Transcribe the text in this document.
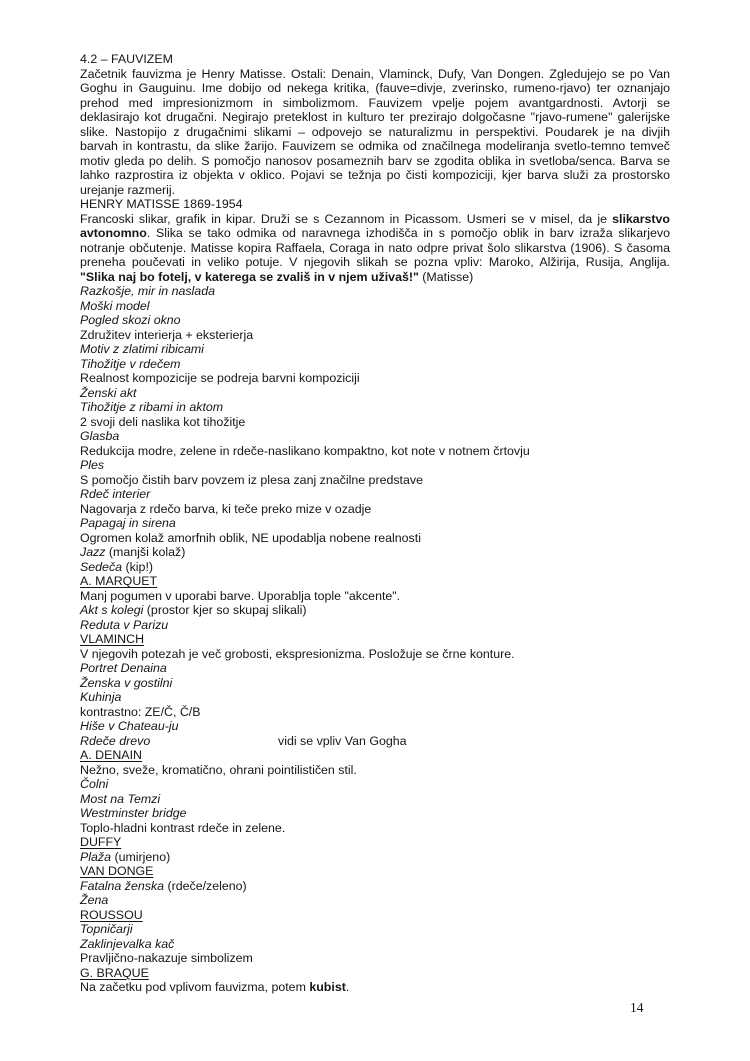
4.2 – FAUVIZEM

Začetnik fauvizma je Henry Matisse. Ostali: Denain, Vlaminck, Dufy, Van Dongen. Zgledujejo se po Van

Goghu in Gauguinu. Ime dobijo od nekega kritika, (fauve=divje, zverinsko, rumeno-rjavo) ter oznanjajo

prehod med impresionizmom in simbolizmom. Fauvizem vpelje pojem avantgardnosti. Avtorji se

deklasirajo kot drugačni. Negirajo preteklost in kulturo ter prezirajo dolgočasne "rjavo-rumene" galerijske

slike. Nastopijo z drugačnimi slikami – odpovejo se naturalizmu in perspektivi. Poudarek je na divjih

barvah in kontrastu, da slike žarijo. Fauvizem se odmika od značilnega modeliranja svetlo-temno temveč

motiv gleda po delih. S pomočjo nanosov posameznih barv se zgodita oblika in svetloba/senca. Barva se

lahko razprostira iz objekta v oklico. Pojavi se težnja po čisti kompoziciji, kjer barva služi za prostorsko

urejanje razmerij.

HENRY MATISSE 1869-1954

Francoski slikar, grafik in kipar. Druži se s Cezannom in Picassom. Usmeri se v misel, da je slikarstvo

avtonomno. Slika se tako odmika od naravnega izhodišča in s pomočjo oblik in barv izraža slikarjevo

notranje občutenje. Matisse kopira Raffaela, Coraga in nato odpre privat šolo slikarstva (1906). S časoma

preneha poučevati in veliko potuje. V njegovih slikah se pozna vpliv: Maroko, Alžirija, Rusija, Anglija.

"Slika naj bo fotelj, v katerega se zvališ in v njem uživaš!" (Matisse)

Razkošje, mir in naslada

Moški model

Pogled skozi okno

Združitev interierja + eksterierja

Motiv z zlatimi ribicami

Tihožitje v rdečem

Realnost kompozicije se podreja barvni kompoziciji

Ženski akt

Tihožitje z ribami in aktom

2 svoji deli naslika kot tihožitje

Glasba

Redukcija modre, zelene in rdeče-naslikano kompaktno, kot note v notnem črtovju

Ples

S pomočjo čistih barv povzem iz plesa zanj značilne predstave

Rdeč interier

Nagovarja z rdečo barva, ki teče preko mize v ozadje

Papagaj in sirena

Ogromen kolaž amorfnih oblik, NE upodablja nobene realnosti

Jazz (manjši kolaž)

Sedeča (kip!)

A. MARQUET

Manj pogumen v uporabi barve. Uporablja tople "akcente".

Akt s kolegi (prostor kjer so skupaj slikali)

Reduta v Parizu

VLAMINCH

V njegovih potezah je več grobosti, ekspresionizma. Posložuje se črne konture.

Portret Denaina

Ženska v gostilni

Kuhinja

kontrastno: ZE/Č, Č/B

Hiše v Chateau-ju

Rdeče drevo	vidi se vpliv Van Gogha

A. DENAIN

Nežno, sveže, kromatično, ohrani pointilističen stil.

Čolni

Most na Temzi

Westminster bridge

Toplo-hladni kontrast rdeče in zelene.

DUFFY

Plaža (umirjeno)

VAN DONGE

Fatalna ženska (rdeče/zeleno)

Žena

ROUSSOU

Topničarji

Zaklinjevalka kač

Pravljično-nakazuje simbolizem

G. BRAQUE

Na začetku pod vplivom fauvizma, potem kubist.

14
